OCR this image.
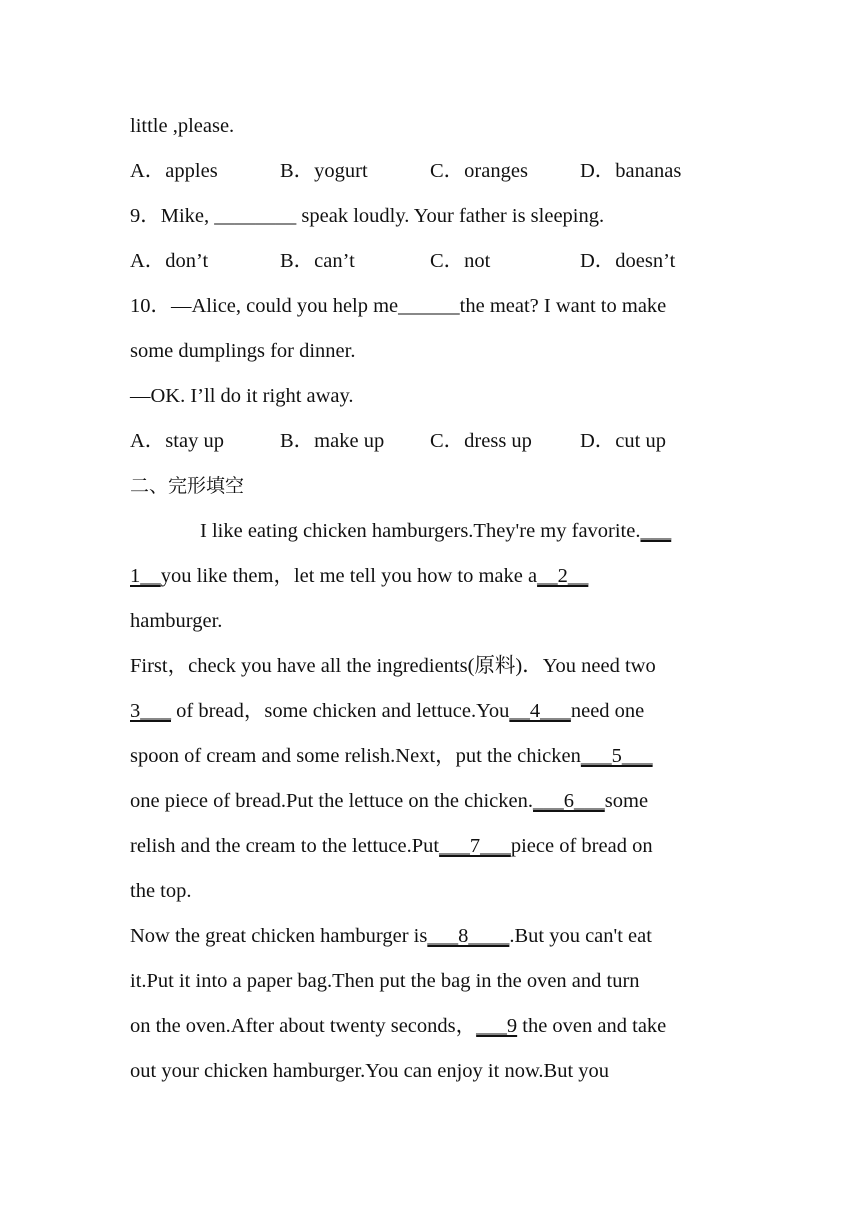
little ,please.
A．apples	B．yogurt	C．oranges	D．bananas
9．Mike, ________ speak loudly. Your father is sleeping.
A．don’t	B．can’t	C．not	D．doesn’t
10．—Alice, could you help me______the meat? I want to make
some dumplings for dinner.
—OK. I’ll do it right away.
A．stay up	B．make up	C．dress up	D．cut up
二、完形填空
I like eating chicken hamburgers.They're my favorite.___
1__you like them，let me tell you how to make a__2__
hamburger.
First，check you have all the ingredients(原料)．You need two
3___ of bread，some chicken and lettuce.You__4___need one
spoon of cream and some relish.Next，put the chicken___5___
one piece of bread.Put the lettuce on the chicken.___6___some
relish and the cream to the lettuce.Put___7___piece of bread on
the top.
Now the great chicken hamburger is___8____.But you can't eat
it.Put it into a paper bag.Then put the bag in the oven and turn
on the oven.After about twenty seconds，___9 the oven and take
out your chicken hamburger.You can enjoy it now.But you
